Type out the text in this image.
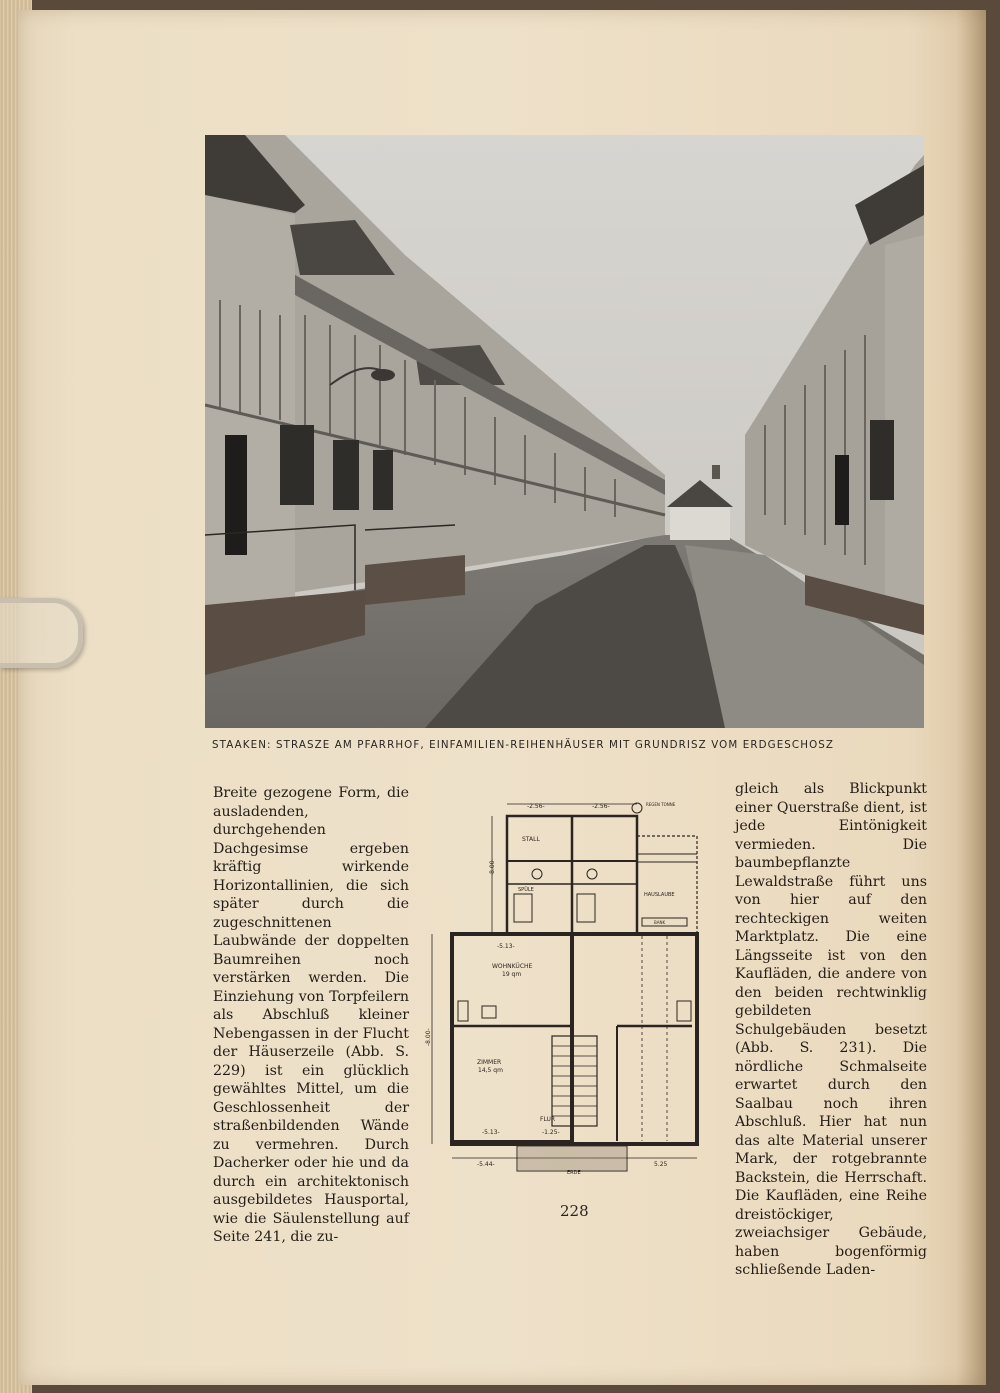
STAAKEN: STRASZE AM PFARRHOF, EINFAMILIEN-REIHENHÄUSER MIT GRUNDRISZ VOM ERDGESCHOSZ

Breite gezogene Form, die ausladenden, durchgehenden Dachgesimse ergeben kräftig wirkende Horizontallinien, die sich später durch die zugeschnittenen Laubwände der doppelten Baumreihen noch verstärken werden. Die Einziehung von Torpfeilern als Abschluß kleiner Nebengassen in der Flucht der Häuserzeile (Abb. S. 229) ist ein glücklich gewähltes Mittel, um die Geschlossenheit der straßenbildenden Wände zu vermehren. Durch Dacherker oder hie und da durch ein architektonisch ausgebildetes Hausportal, wie die Säulenstellung auf Seite 241, die zu-

-2.56-	-2.56-	REGEN TONNE
STALL
SPÜLE
HAUSLAUBE
BANK
-5.13-
WOHNKÜCHE
19 qm
ZIMMER
14,5 qm
FLUR
-5.13-	-1.25-
-8.00-
-8.00-
-5.44-	5.25
ERDE

gleich als Blickpunkt einer Querstraße dient, ist jede Eintönigkeit vermieden. Die baumbepflanzte Lewaldstraße führt uns von hier auf den rechteckigen weiten Marktplatz. Die eine Längsseite ist von den Kaufläden, die andere von den beiden rechtwinklig gebildeten Schulgebäuden besetzt (Abb. S. 231). Die nördliche Schmalseite erwartet durch den Saalbau noch ihren Abschluß. Hier hat nun das alte Material unserer Mark, der rotgebrannte Backstein, die Herrschaft. Die Kaufläden, eine Reihe dreistöckiger, zweiachsiger Gebäude, haben bogenförmig schließende Laden-

228
